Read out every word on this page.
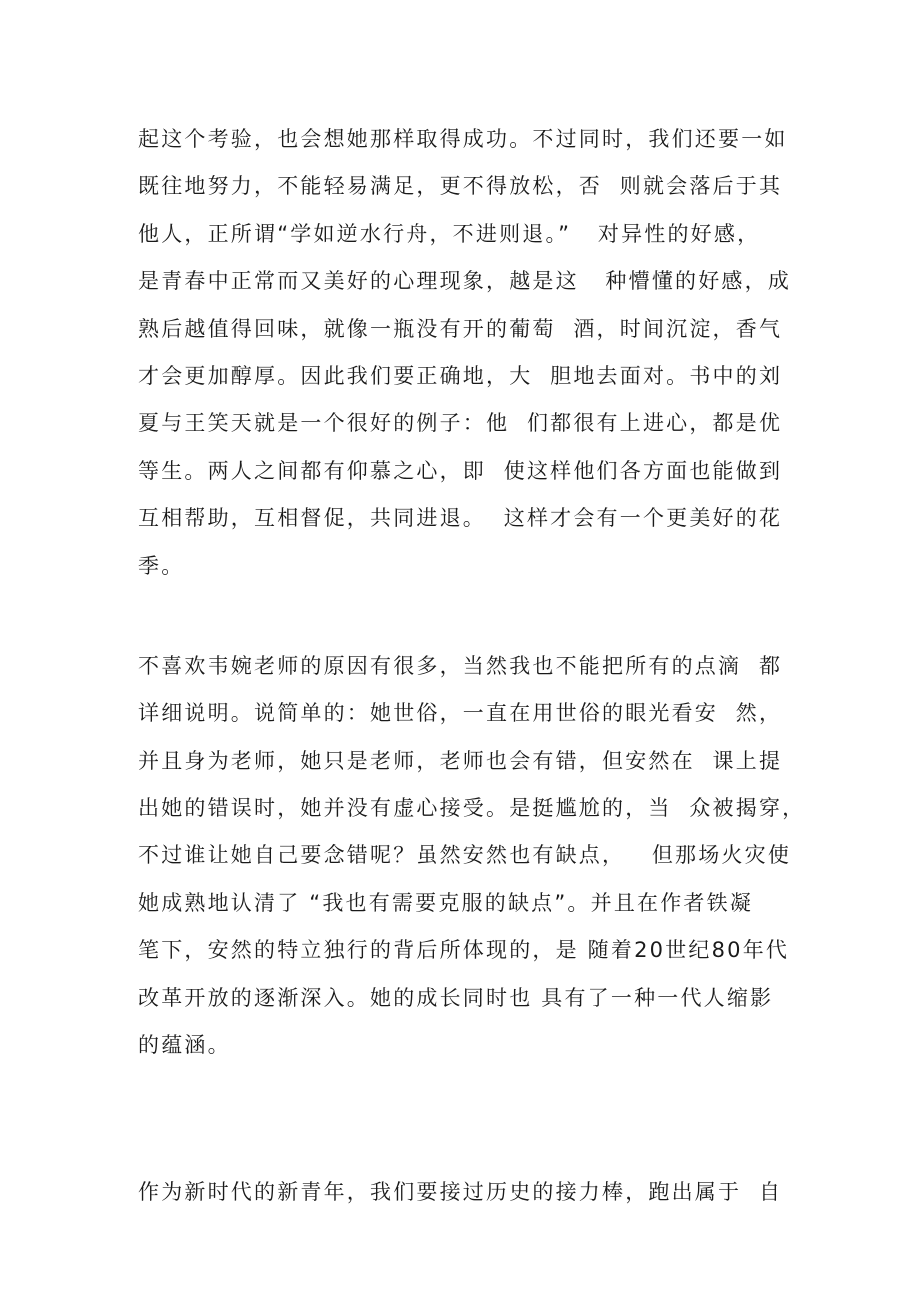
起这个考验，也会想她那样取得成功。不过同时，我们还要一如
既往地努力，不能轻易满足，更不得放松，否  则就会落后于其
他人，正所谓“学如逆水行舟，不进则退。”   对异性的好感，
是青春中正常而又美好的心理现象，越是这   种懵懂的好感，成
熟后越值得回味，就像一瓶没有开的葡萄  酒，时间沉淀，香气
才会更加醇厚。因此我们要正确地，大  胆地去面对。书中的刘
夏与王笑天就是一个很好的例子：他  们都很有上进心，都是优
等生。两人之间都有仰慕之心，即  使这样他们各方面也能做到
互相帮助，互相督促，共同进退。  这样才会有一个更美好的花
季。
不喜欢韦婉老师的原因有很多，当然我也不能把所有的点滴  都
详细说明。说简单的：她世俗，一直在用世俗的眼光看安  然，
并且身为老师，她只是老师，老师也会有错，但安然在  课上提
出她的错误时，她并没有虚心接受。是挺尴尬的，当  众被揭穿，
不过谁让她自己要念错呢？虽然安然也有缺点，   但那场火灾使
她成熟地认清了 “我也有需要克服的缺点”。并且在作者铁凝
笔下，安然的特立独行的背后所体现的，是 随着20世纪80年代
改革开放的逐渐深入。她的成长同时也 具有了一种一代人缩影
的蕴涵。
作为新时代的新青年，我们要接过历史的接力棒，跑出属于  自
